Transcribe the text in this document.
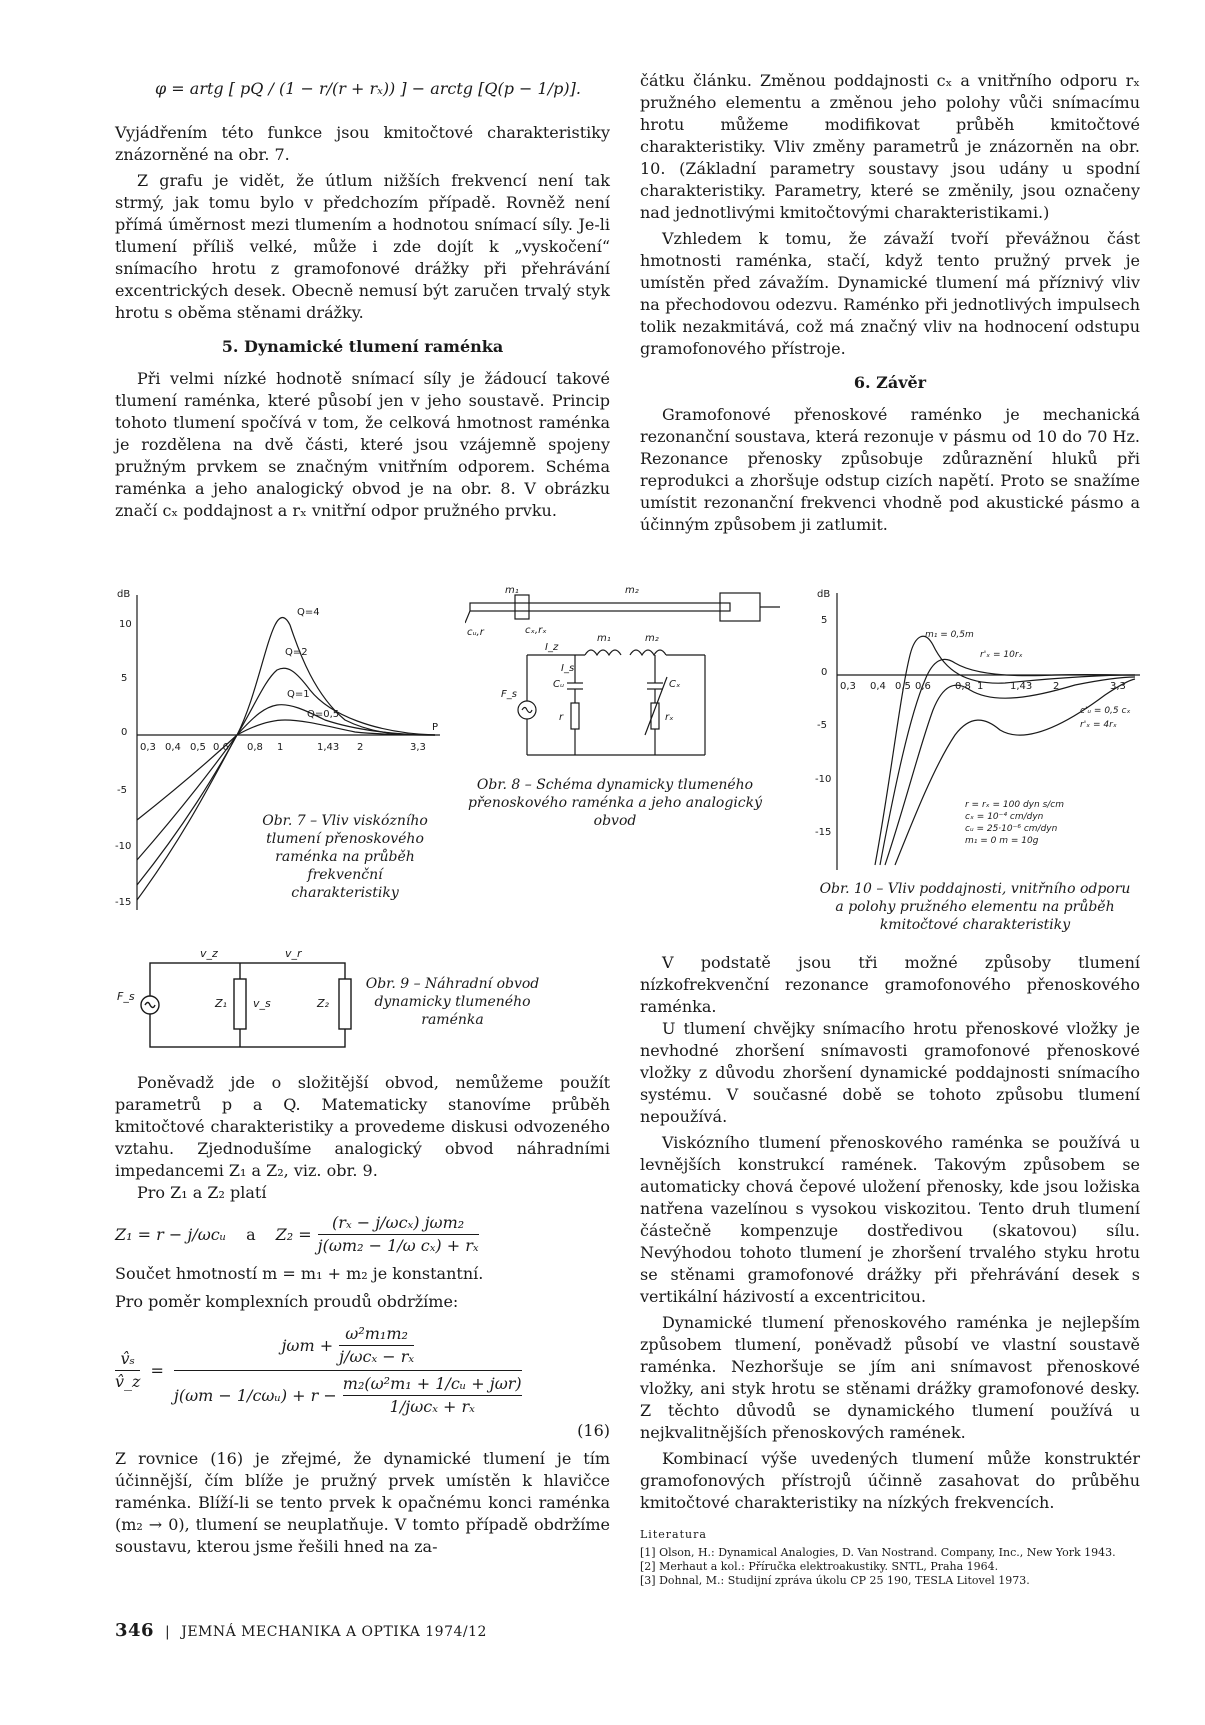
φ = artg [ pQ / (1 − r/(r + rₓ)) ] − arctg [Q(p − 1/p)].

Vyjádřením této funkce jsou kmitočtové charakteristiky znázorněné na obr. 7.

Z grafu je vidět, že útlum nižších frekvencí není tak strmý, jak tomu bylo v předchozím případě. Rovněž není přímá úměrnost mezi tlumením a hodnotou snímací síly. Je-li tlumení příliš velké, může i zde dojít k „vyskočení“ snímacího hrotu z gramofonové drážky při přehrávání excentrických desek. Obecně nemusí být zaručen trvalý styk hrotu s oběma stěnami drážky.

5. Dynamické tlumení raménka

Při velmi nízké hodnotě snímací síly je žádoucí takové tlumení raménka, které působí jen v jeho soustavě. Princip tohoto tlumení spočívá v tom, že celková hmotnost raménka je rozdělena na dvě části, které jsou vzájemně spojeny pružným prvkem se značným vnitřním odporem. Schéma raménka a jeho analogický obvod je na obr. 8. V obrázku značí cₓ poddajnost a rₓ vnitřní odpor pružného prvku.

čátku článku. Změnou poddajnosti cₓ a vnitřního odporu rₓ pružného elementu a změnou jeho polohy vůči snímacímu hrotu můžeme modifikovat průběh kmitočtové charakteristiky. Vliv změny parametrů je znázorněn na obr. 10. (Základní parametry soustavy jsou udány u spodní charakteristiky. Parametry, které se změnily, jsou označeny nad jednotlivými kmitočtovými charakteristikami.)

Vzhledem k tomu, že závaží tvoří převážnou část hmotnosti raménka, stačí, když tento pružný prvek je umístěn před závažím. Dynamické tlumení má příznivý vliv na přechodovou odezvu. Raménko při jednotlivých impulsech tolik nezakmitává, což má značný vliv na hodnocení odstupu gramofonového přístroje.

6. Závěr

Gramofonové přenoskové raménko je mechanická rezonanční soustava, která rezonuje v pásmu od 10 do 70 Hz. Rezonance přenosky způsobuje zdůraznění hluků při reprodukci a zhoršuje odstup cizích napětí. Proto se snažíme umístit rezonanční frekvenci vhodně pod akustické pásmo a účinným způsobem ji zatlumit.

dB
10
5
0
-5
-10
-15
0,3 0,4 0,5 0,6 0,8 1	1,43 2	3,3
P
Q=4
Q=2
Q=1
Q=0,5
Obr. 7 – Vliv viskózního tlumení přenoskového raménka na průběh frekvenční charakteristiky
m₁	m₂
cᵤ,r	cₓ,rₓ
I_z
I_s
m₁	m₂
Cᵤ	Cₓ
r	rₓ
F_s
Obr. 8 – Schéma dynamicky tlumeného přenoskového raménka a jeho analogický obvod
dB
5
0
-5
-10
-15
0,3 0,4 0,5 0,6 0,8 1	1,43 2	3,3
m₁ = 0,5m
r'ₓ = 10rₓ
c'ᵤ = 0,5 cₓ
r'ₓ = 4rₓ
r = rₓ = 100 dyn s/cm
cₓ = 10⁻⁴ cm/dyn
cᵤ = 25·10⁻⁶ cm/dyn
m₁ = 0 m = 10g
Obr. 10 – Vliv poddajnosti, vnitřního odporu a polohy pružného elementu na průběh kmitočtové charakteristiky
v_z	v_r
F_s
Z₁ v_s	Z₂
Obr. 9 – Náhradní obvod dynamicky tlumeného raménka

Poněvadž jde o složitější obvod, nemůžeme použít parametrů p a Q. Matematicky stanovíme průběh kmitočtové charakteristiky a provedeme diskusi odvozeného vztahu. Zjednodušíme analogický obvod náhradními impedancemi Z₁ a Z₂, viz. obr. 9.

Pro Z₁ a Z₂ platí

Z₁ = r − j/ωcᵤ a Z₂ =
(rₓ − j/ωcₓ) jωm₂
j(ωm₂ − 1/ω cₓ) + rₓ

Součet hmotností m = m₁ + m₂ je konstantní.

Pro poměr komplexních proudů obdržíme:

$\frac{\text{v̂ₛ}}{v̂\_z}$ =
jωm +
ω²m₁m₂
j/ωcₓ − rₓ
j(ωm − 1/cωᵤ) + r −
m₂(ω²m₁ + 1/cᵤ + jωr)
1/jωcₓ + rₓ
(16)

Z rovnice (16) je zřejmé, že dynamické tlumení je tím účinnější, čím blíže je pružný prvek umístěn k hlavičce raménka. Blíží-li se tento prvek k opačnému konci raménka (m₂ → 0), tlumení se neuplatňuje. V tomto případě obdržíme soustavu, kterou jsme řešili hned na za-

V podstatě jsou tři možné způsoby tlumení nízkofrekvenční rezonance gramofonového přenoskového raménka.

U tlumení chvějky snímacího hrotu přenoskové vložky je nevhodné zhoršení snímavosti gramofonové přenoskové vložky z důvodu zhoršení dynamické poddajnosti snímacího systému. V současné době se tohoto způsobu tlumení nepoužívá.

Viskózního tlumení přenoskového raménka se používá u levnějších konstrukcí ramének. Takovým způsobem se automaticky chová čepové uložení přenosky, kde jsou ložiska natřena vazelínou s vysokou viskozitou. Tento druh tlumení částečně kompenzuje dostředivou (skatovou) sílu. Nevýhodou tohoto tlumení je zhoršení trvalého styku hrotu se stěnami gramofonové drážky při přehrávání desek s vertikální házivostí a excentricitou.

Dynamické tlumení přenoskového raménka je nejlepším způsobem tlumení, poněvadž působí ve vlastní soustavě raménka. Nezhoršuje se jím ani snímavost přenoskové vložky, ani styk hrotu se stěnami drážky gramofonové desky. Z těchto důvodů se dynamického tlumení používá u nejkvalitnějších přenoskových ramének.

Kombinací výše uvedených tlumení může konstruktér gramofonových přístrojů účinně zasahovat do průběhu kmitočtové charakteristiky na nízkých frekvencích.

Literatura
[1] Olson, H.: Dynamical Analogies, D. Van Nostrand. Company, Inc., New York 1943.
[2] Merhaut a kol.: Příručka elektroakustiky. SNTL, Praha 1964.
[3] Dohnal, M.: Studijní zpráva úkolu CP 25 190, TESLA Litovel 1973.
346 | JEMNÁ MECHANIKA A OPTIKA 1974/12
